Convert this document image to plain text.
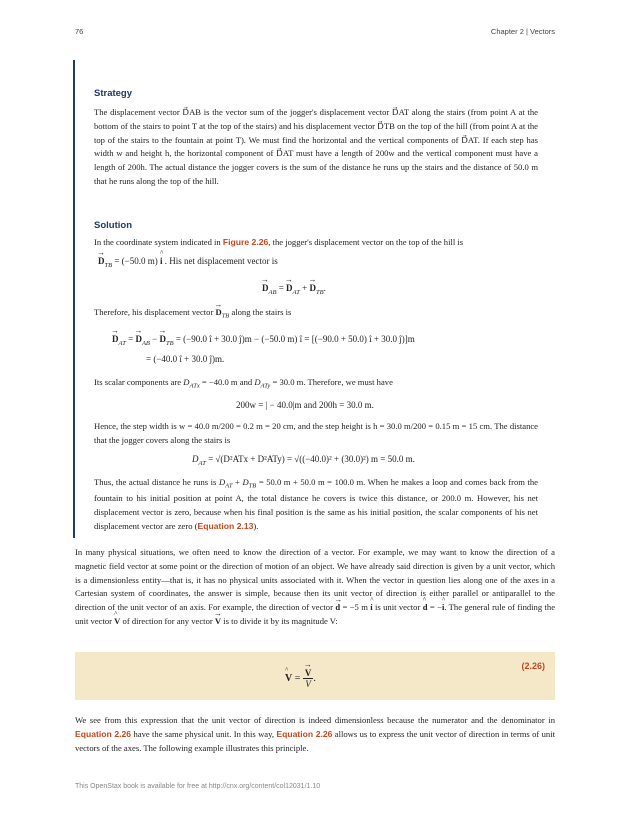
76	Chapter 2 | Vectors
Strategy
The displacement vector D⃗AB is the vector sum of the jogger's displacement vector D⃗AT along the stairs (from point A at the bottom of the stairs to point T at the top of the stairs) and his displacement vector D⃗TB on the top of the hill (from point A at the top of the stairs to the fountain at point T). We must find the horizontal and the vertical components of D⃗AT. If each step has width w and height h, the horizontal component of D⃗AT must have a length of 200w and the vertical component must have a length of 200h. The actual distance the jogger covers is the sum of the distance he runs up the stairs and the distance of 50.0 m that he runs along the top of the hill.
Solution
In the coordinate system indicated in Figure 2.26, the jogger's displacement vector on the top of the hill is
→ $D_{TB} = (-50.0$ m) ^ i . His net displacement vector is
→ $D_{AB}$ = → $D_{AT}$ + → $D_{TB}$.
Therefore, his displacement vector → $D_{TB}$ along the stairs is
→ $D_{AT}$ = → $D_{AB}$ − → $D_{TB} = (-90.0$ î + 30.0 ĵ)m − (−50.0 m) î = [(−90.0 + 50.0) î + 30.0 ĵ)]m
= (−40.0 î + 30.0 ĵ)m.
Its scalar components are $D_{ATx} = -40.0$ m and $D_{ATy} = 30.0$ m. Therefore, we must have
200w = | − 40.0|m and 200h = 30.0 m.
Hence, the step width is w = 40.0 m/200 = 0.2 m = 20 cm, and the step height is h = 30.0 m/200 = 0.15 m = 15 cm. The distance that the jogger covers along the stairs is
$D_{AT} = √(D^2ATx + D^2ATy) = √((-40.0)^2 + (30.0)^2) m = 50.0$ m.
Thus, the actual distance he runs is $D_{AT} + D_{TB} = 50.0$ m + 50.0 m = 100.0 m. When he makes a loop and comes back from the fountain to his initial position at point A, the total distance he covers is twice this distance, or 200.0 m. However, his net displacement vector is zero, because when his final position is the same as his initial position, the scalar components of his net displacement vector are zero (Equation 2.13).
In many physical situations, we often need to know the direction of a vector. For example, we may want to know the direction of a magnetic field vector at some point or the direction of motion of an object. We have already said direction is given by a unit vector, which is a dimensionless entity—that is, it has no physical units associated with it. When the vector in question lies along one of the axes in a Cartesian system of coordinates, the answer is simple, because then its unit vector of direction is either parallel or antiparallel to the direction of the unit vector of an axis. For example, the direction of vector → d = −5 m ^ i is unit vector ^ d = −^ i. The general rule of finding the unit vector ^ V of direction for any vector → V is to divide it by its magnitude V:
^ V = → $\frac{V}{V}$ .
(2.26)
We see from this expression that the unit vector of direction is indeed dimensionless because the numerator and the denominator in Equation 2.26 have the same physical unit. In this way, Equation 2.26 allows us to express the unit vector of direction in terms of unit vectors of the axes. The following example illustrates this principle.
This OpenStax book is available for free at http://cnx.org/content/col12031/1.10
